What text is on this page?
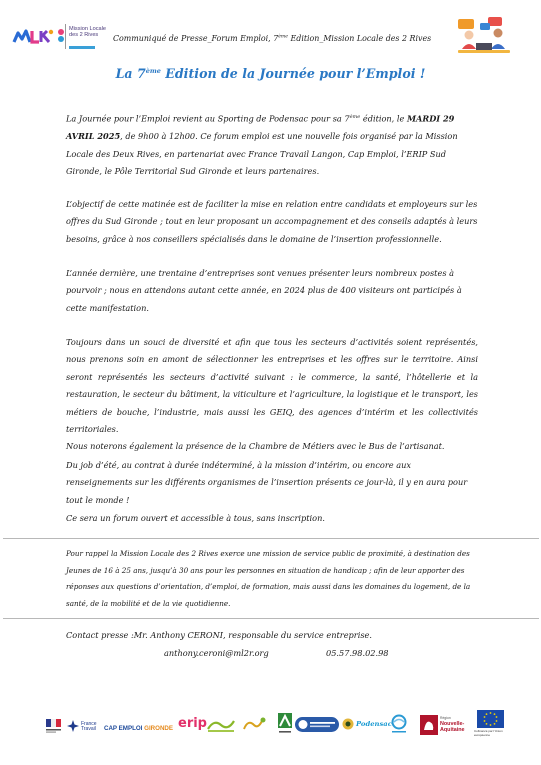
Mission Locale
des 2 Rives	Communiqué de Presse_Forum Emploi, 7ème Edition_Mission Locale des 2 Rives
La 7ème Edition de la Journée pour l’Emploi !

La Journée pour l’Emploi revient au Sporting de Podensac pour sa 7ème édition, le MARDI 29 AVRIL 2025, de 9h00 à 12h00. Ce forum emploi est une nouvelle fois organisé par la Mission Locale des Deux Rives, en partenariat avec France Travail Langon, Cap Emploi, l’ERIP Sud Gironde, le Pôle Territorial Sud Gironde et leurs partenaires.

L’objectif de cette matinée est de faciliter la mise en relation entre candidats et employeurs sur les offres du Sud Gironde ; tout en leur proposant un accompagnement et des conseils adaptés à leurs besoins, grâce à nos conseillers spécialisés dans le domaine de l’insertion professionnelle.

L’année dernière, une trentaine d’entreprises sont venues présenter leurs nombreux postes à pourvoir ; nous en attendons autant cette année, en 2024 plus de 400 visiteurs ont participés à cette manifestation.

Toujours dans un souci de diversité et afin que tous les secteurs d’activités soient représentés, nous prenons soin en amont de sélectionner les entreprises et les offres sur le territoire. Ainsi seront représentés les secteurs d’activité suivant : le commerce, la santé, l’hôtellerie et la restauration, le secteur du bâtiment, la viticulture et l’agriculture, la logistique et le transport, les métiers de bouche, l’industrie, mais aussi les GEIQ, des agences d’intérim et les collectivités territoriales.
Nous noterons également la présence de la Chambre de Métiers avec le Bus de l’artisanat.

Du job d’été, au contrat à durée indéterminé, à la mission d’intérim, ou encore aux renseignements sur les différents organismes de l’insertion présents ce jour-là, il y en aura pour tout le monde !

Ce sera un forum ouvert et accessible à tous, sans inscription.

Pour rappel la Mission Locale des 2 Rives exerce une mission de service public de proximité, à destination des
Jeunes de 16 à 25 ans, jusqu’à 30 ans pour les personnes en situation de handicap ; afin de leur apporter des
réponses aux questions d’orientation, d’emploi, de formation, mais aussi dans les domaines du logement, de la
santé, de la mobilité et de la vie quotidienne.

Contact presse :Mr. Anthony CERONI, responsable du service entreprise.
anthony.ceroni@ml2r.org	05.57.98.02.98
France Travail	CAP EMPLOI GIRONDE erip	Podensac
Région
Nouvelle-
Aquitaine	Cofinancé par l’Union européenne
